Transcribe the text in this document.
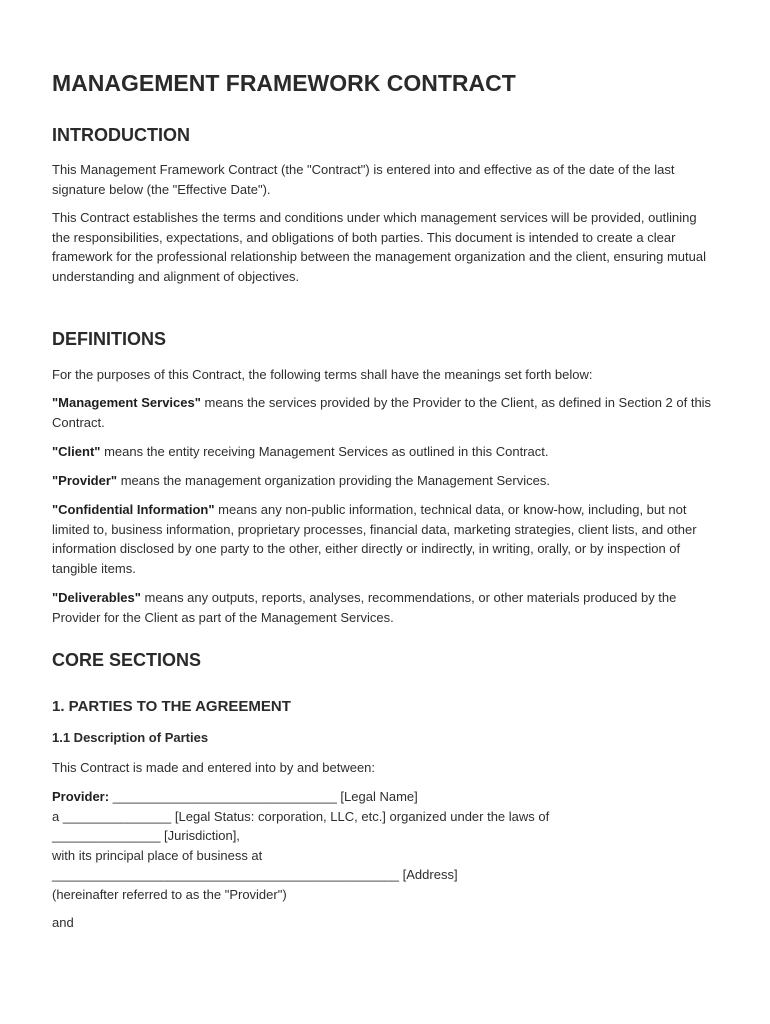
MANAGEMENT FRAMEWORK CONTRACT
INTRODUCTION

This Management Framework Contract (the "Contract") is entered into and effective as of the date of the last signature below (the "Effective Date").

This Contract establishes the terms and conditions under which management services will be provided, outlining the responsibilities, expectations, and obligations of both parties. This document is intended to create a clear framework for the professional relationship between the management organization and the client, ensuring mutual understanding and alignment of objectives.

DEFINITIONS

For the purposes of this Contract, the following terms shall have the meanings set forth below:

"Management Services" means the services provided by the Provider to the Client, as defined in Section 2 of this Contract.

"Client" means the entity receiving Management Services as outlined in this Contract.

"Provider" means the management organization providing the Management Services.

"Confidential Information" means any non-public information, technical data, or know-how, including, but not limited to, business information, proprietary processes, financial data, marketing strategies, client lists, and other information disclosed by one party to the other, either directly or indirectly, in writing, orally, or by inspection of tangible items.

"Deliverables" means any outputs, reports, analyses, recommendations, or other materials produced by the Provider for the Client as part of the Management Services.

CORE SECTIONS
1. PARTIES TO THE AGREEMENT
1.1 Description of Parties

This Contract is made and entered into by and between:

Provider: _______________________________ [Legal Name]
a _______________ [Legal Status: corporation, LLC, etc.] organized under the laws of
_______________ [Jurisdiction],
with its principal place of business at
________________________________________________ [Address]
(hereinafter referred to as the "Provider")

and
